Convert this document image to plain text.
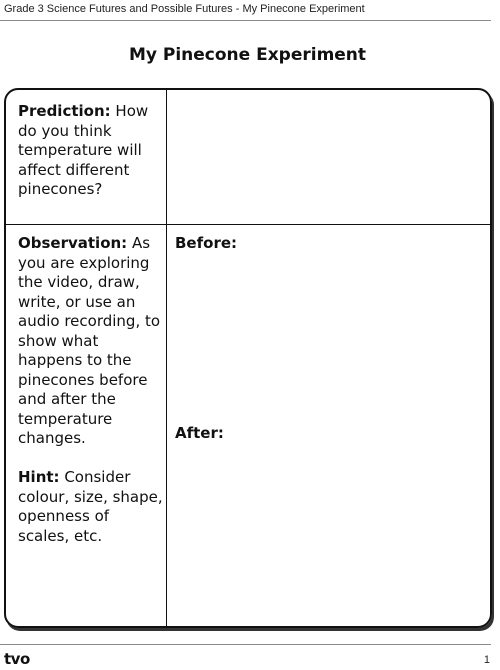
Grade 3 Science Futures and Possible Futures - My Pinecone Experiment
My Pinecone Experiment
Prediction: How do you think temperature will affect different pinecones?
Observation: As you are exploring the video, draw, write, or use an audio recording, to show what happens to the pinecones before and after the temperature changes.
Hint: Consider colour, size, shape, openness of scales, etc.
Before:
After:
tvo	1
